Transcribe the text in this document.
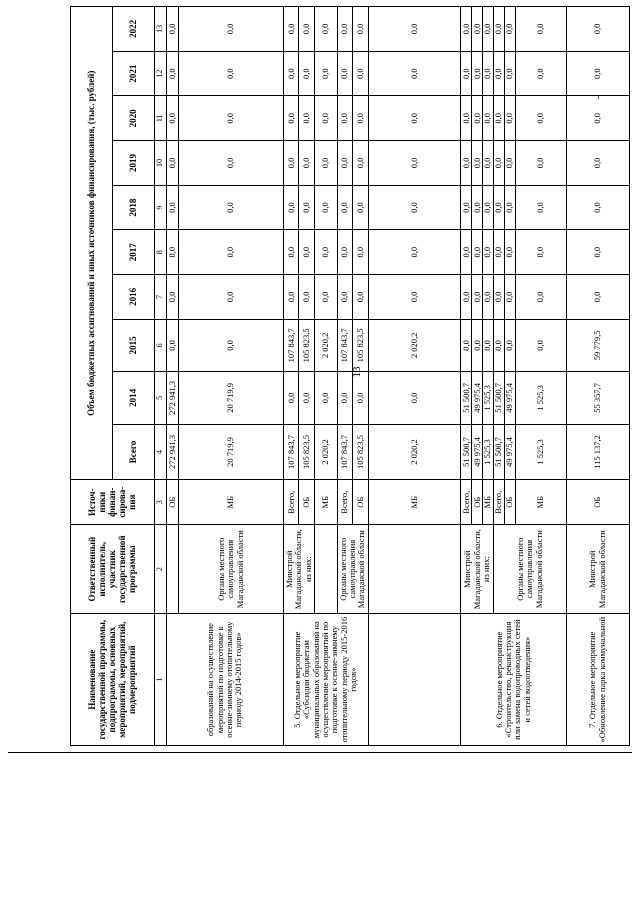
13
Наименование государственной программы, подпрограммы, основных мероприятий, мероприятий, подмероприятий	Ответственный исполнитель, участник государственной программы	Источ-ники финан-сирова-ния	Объем бюджетных ассигнований и иных источников финансирования, (тыс. рублей)									
			Всего	2014	2015	2016	2017	2018	2019	2020	2021	2022
1	2	3	4	5	6	7	8	9	10	11	12	13
образований на осуществление мероприятий по подготовке к осенне-зимнему отопительному периоду 2014-2015 годов»		ОБ	272 941,3	272 941,3	0,0	0,0	0,0	0,0	0,0	0,0	0,0	0,0
	Органы местного самоуправления Магаданской области	МБ	20 719,9	20 719,9	0,0	0,0	0,0	0,0	0,0	0,0	0,0	0,0
5. Отдельное мероприятие «Субсидии бюджетам муниципальных образований на осуществление мероприятий по подготовке к осенне-зимнему отопительному периоду 2015-2016 годов»	Минстрой Магаданской области, из них:	Всего,	107 843,7	0,0	107 843,7	0,0	0,0	0,0	0,0	0,0	0,0	0,0
		ОБ	105 823,5	0,0	105 823,5	0,0	0,0	0,0	0,0	0,0	0,0	0,0
		МБ	2 020,2	0,0	2 020,2	0,0	0,0	0,0	0,0	0,0	0,0	0,0
	Органы местного самоуправления Магаданской области	Всего,	107 843,7	0,0	107 843,7	0,0	0,0	0,0	0,0	0,0	0,0	0,0
		ОБ	105 823,5	0,0	105 823,5	0,0	0,0	0,0	0,0	0,0	0,0	0,0
		МБ	2 020,2	0,0	2 020,2	0,0	0,0	0,0	0,0	0,0	0,0	0,0
6. Отдельное мероприятие «Строительство, реконструкция или замена водопроводных сетей и сетей водоотведения»	Минстрой Магаданской области, из них:	Всего,	51 500,7	51 500,7	0,0	0,0	0,0	0,0	0,0	0,0	0,0	0,0
		ОБ	49 975,4	49 975,4	0,0	0,0	0,0	0,0	0,0	0,0	0,0	0,0
		МБ	1 525,3	1 525,3	0,0	0,0	0,0	0,0	0,0	0,0	0,0	0,0
	Органы местного самоуправления Магаданской области	Всего,	51 500,7	51 500,7	0,0	0,0	0,0	0,0	0,0	0,0	0,0	0,0
		ОБ	49 975,4	49 975,4	0,0	0,0	0,0	0,0	0,0	0,0	0,0	0,0
		МБ	1 525,3	1 525,3	0,0	0,0	0,0	0,0	0,0	0,0	0,0	0,0
7. Отдельное мероприятие «Обновление парка коммунальной	Минстрой Магаданской области	ОБ	115 137,2	55 357,7	59 779,5	0,0	0,0	0,0	0,0	0,0	0,0	0,0
